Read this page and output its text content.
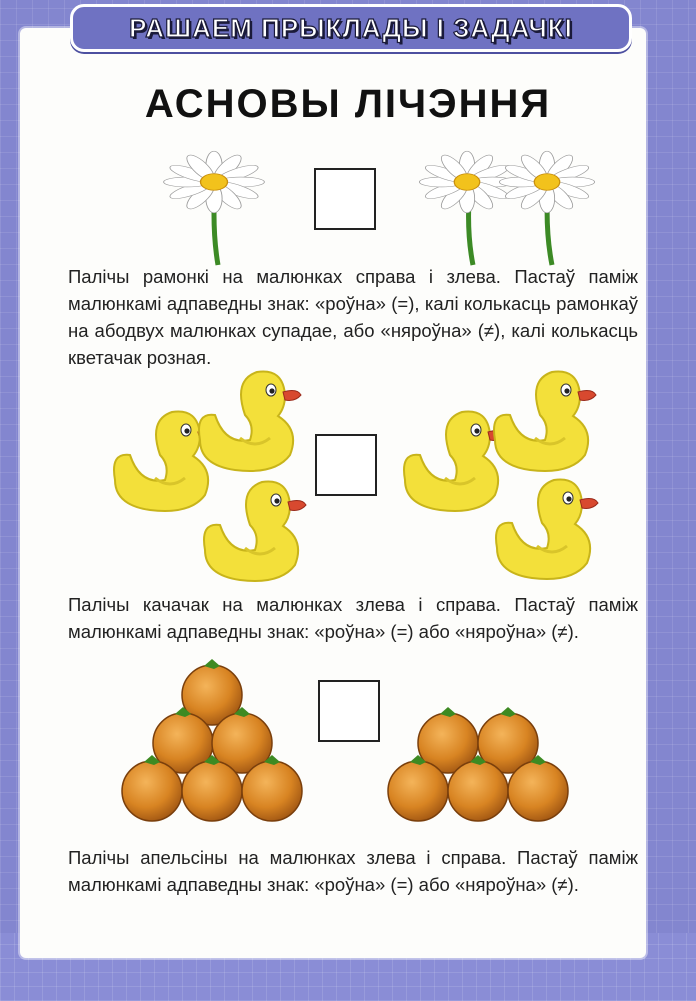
РАШАЕМ ПРЫКЛАДЫ І ЗАДАЧКІ
АСНОВЫ ЛІЧЭННЯ
Палічы рамонкі на малюнках справа і злева. Пастаў паміж малюнкамі адпаведны знак: «роўна» (=), калі колькасць рамонкаў на абодвух малюнках супадае, або «няроўна» (≠), калі колькасць кветачак розная.
Палічы качачак на малюнках злева і справа. Пастаў паміж малюнкамі адпаведны знак: «роўна» (=) або «няроўна» (≠).
Палічы апельсіны на малюнках злева і справа. Пастаў паміж малюнкамі адпаведны знак: «роўна» (=) або «няроўна» (≠).
